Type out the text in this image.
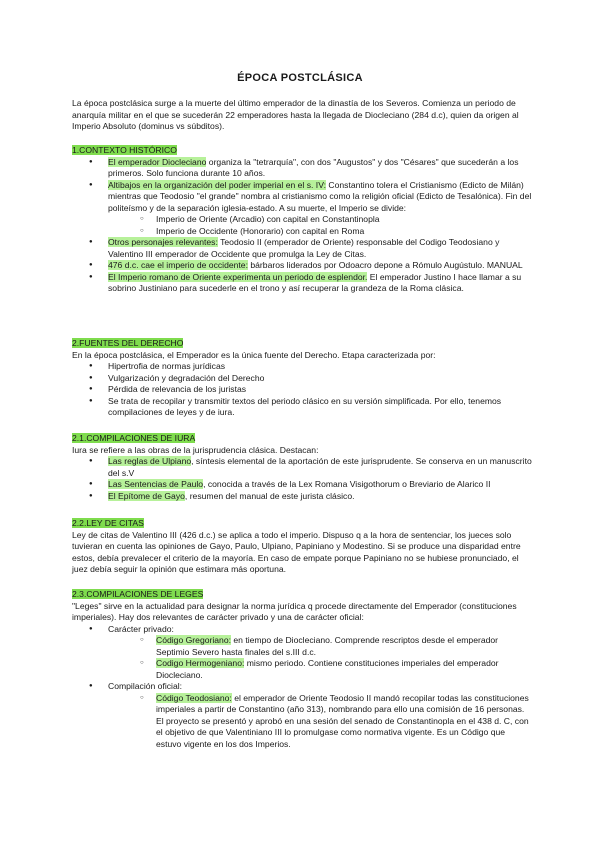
ÉPOCA POSTCLÁSICA
La época postclásica surge a la muerte del último emperador de la dinastía de los Severos. Comienza un periodo de anarquía militar en el que se sucederán 22 emperadores hasta la llegada de Diocleciano (284 d.c), quien da origen al Imperio Absoluto (dominus vs súbditos).
1.CONTEXTO HISTÓRICO
● El emperador Diocleciano organiza la "tetrarquía", con dos "Augustos" y dos "Césares" que sucederán a los primeros. Solo funciona durante 10 años.
● Altibajos en la organización del poder imperial en el s. IV: Constantino tolera el Cristianismo (Edicto de Milán) mientras que Teodosio "el grande" nombra al cristianismo como la religión oficial (Edicto de Tesalónica). Fin del politeísmo y de la separación iglesia-estado. A su muerte, el Imperio se divide:
○ Imperio de Oriente (Arcadio) con capital en Constantinopla
○ Imperio de Occidente (Honorario) con capital en Roma
● Otros personajes relevantes: Teodosio II (emperador de Oriente) responsable del Codigo Teodosiano y Valentino III emperador de Occidente que promulga la Ley de Citas.
● 476 d.c. cae el imperio de occidente: bárbaros liderados por Odoacro depone a Rómulo Augústulo. MANUAL
● El Imperio romano de Oriente experimenta un periodo de esplendor. El emperador Justino I hace llamar a su sobrino Justiniano para sucederle en el trono y así recuperar la grandeza de la Roma clásica.
2.FUENTES DEL DERECHO
En la época postclásica, el Emperador es la única fuente del Derecho. Etapa caracterizada por:
● Hipertrofia de normas jurídicas
● Vulgarización y degradación del Derecho
● Pérdida de relevancia de los juristas
● Se trata de recopilar y transmitir textos del periodo clásico en su versión simplificada. Por ello, tenemos compilaciones de leyes y de iura.
2.1.COMPILACIONES DE IURA
Iura se refiere a las obras de la jurisprudencia clásica. Destacan:
● Las reglas de Ulpiano, síntesis elemental de la aportación de este jurisprudente. Se conserva en un manuscrito del s.V
● Las Sentencias de Paulo, conocida a través de la Lex Romana Visigothorum o Breviario de Alarico II
● El Epítome de Gayo, resumen del manual de este jurista clásico.
2.2.LEY DE CITAS
Ley de citas de Valentino III (426 d.c.) se aplica a todo el imperio. Dispuso q a la hora de sentenciar, los jueces solo tuvieran en cuenta las opiniones de Gayo, Paulo, Ulpiano, Papiniano y Modestino. Si se produce una disparidad entre estos, debía prevalecer el criterio de la mayoría. En caso de empate porque Papiniano no se hubiese pronunciado, el juez debía seguir la opinión que estimara más oportuna.
2.3.COMPILACIONES DE LEGES
"Leges" sirve en la actualidad para designar la norma jurídica q procede directamente del Emperador (constituciones imperiales). Hay dos relevantes de carácter privado y una de carácter oficial:
● Carácter privado:
○ Código Gregoriano: en tiempo de Diocleciano. Comprende rescriptos desde el emperador Septimio Severo hasta finales del s.III d.c.
○ Codigo Hermogeniano: mismo periodo. Contiene constituciones imperiales del emperador Diocleciano.
● Compilación oficial:
○ Código Teodosiano: el emperador de Oriente Teodosio II mandó recopilar todas las constituciones imperiales a partir de Constantino (año 313), nombrando para ello una comisión de 16 personas. El proyecto se presentó y aprobó en una sesión del senado de Constantinopla en el 438 d. C, con el objetivo de que Valentiniano III lo promulgase como normativa vigente. Es un Código que estuvo vigente en los dos Imperios.
